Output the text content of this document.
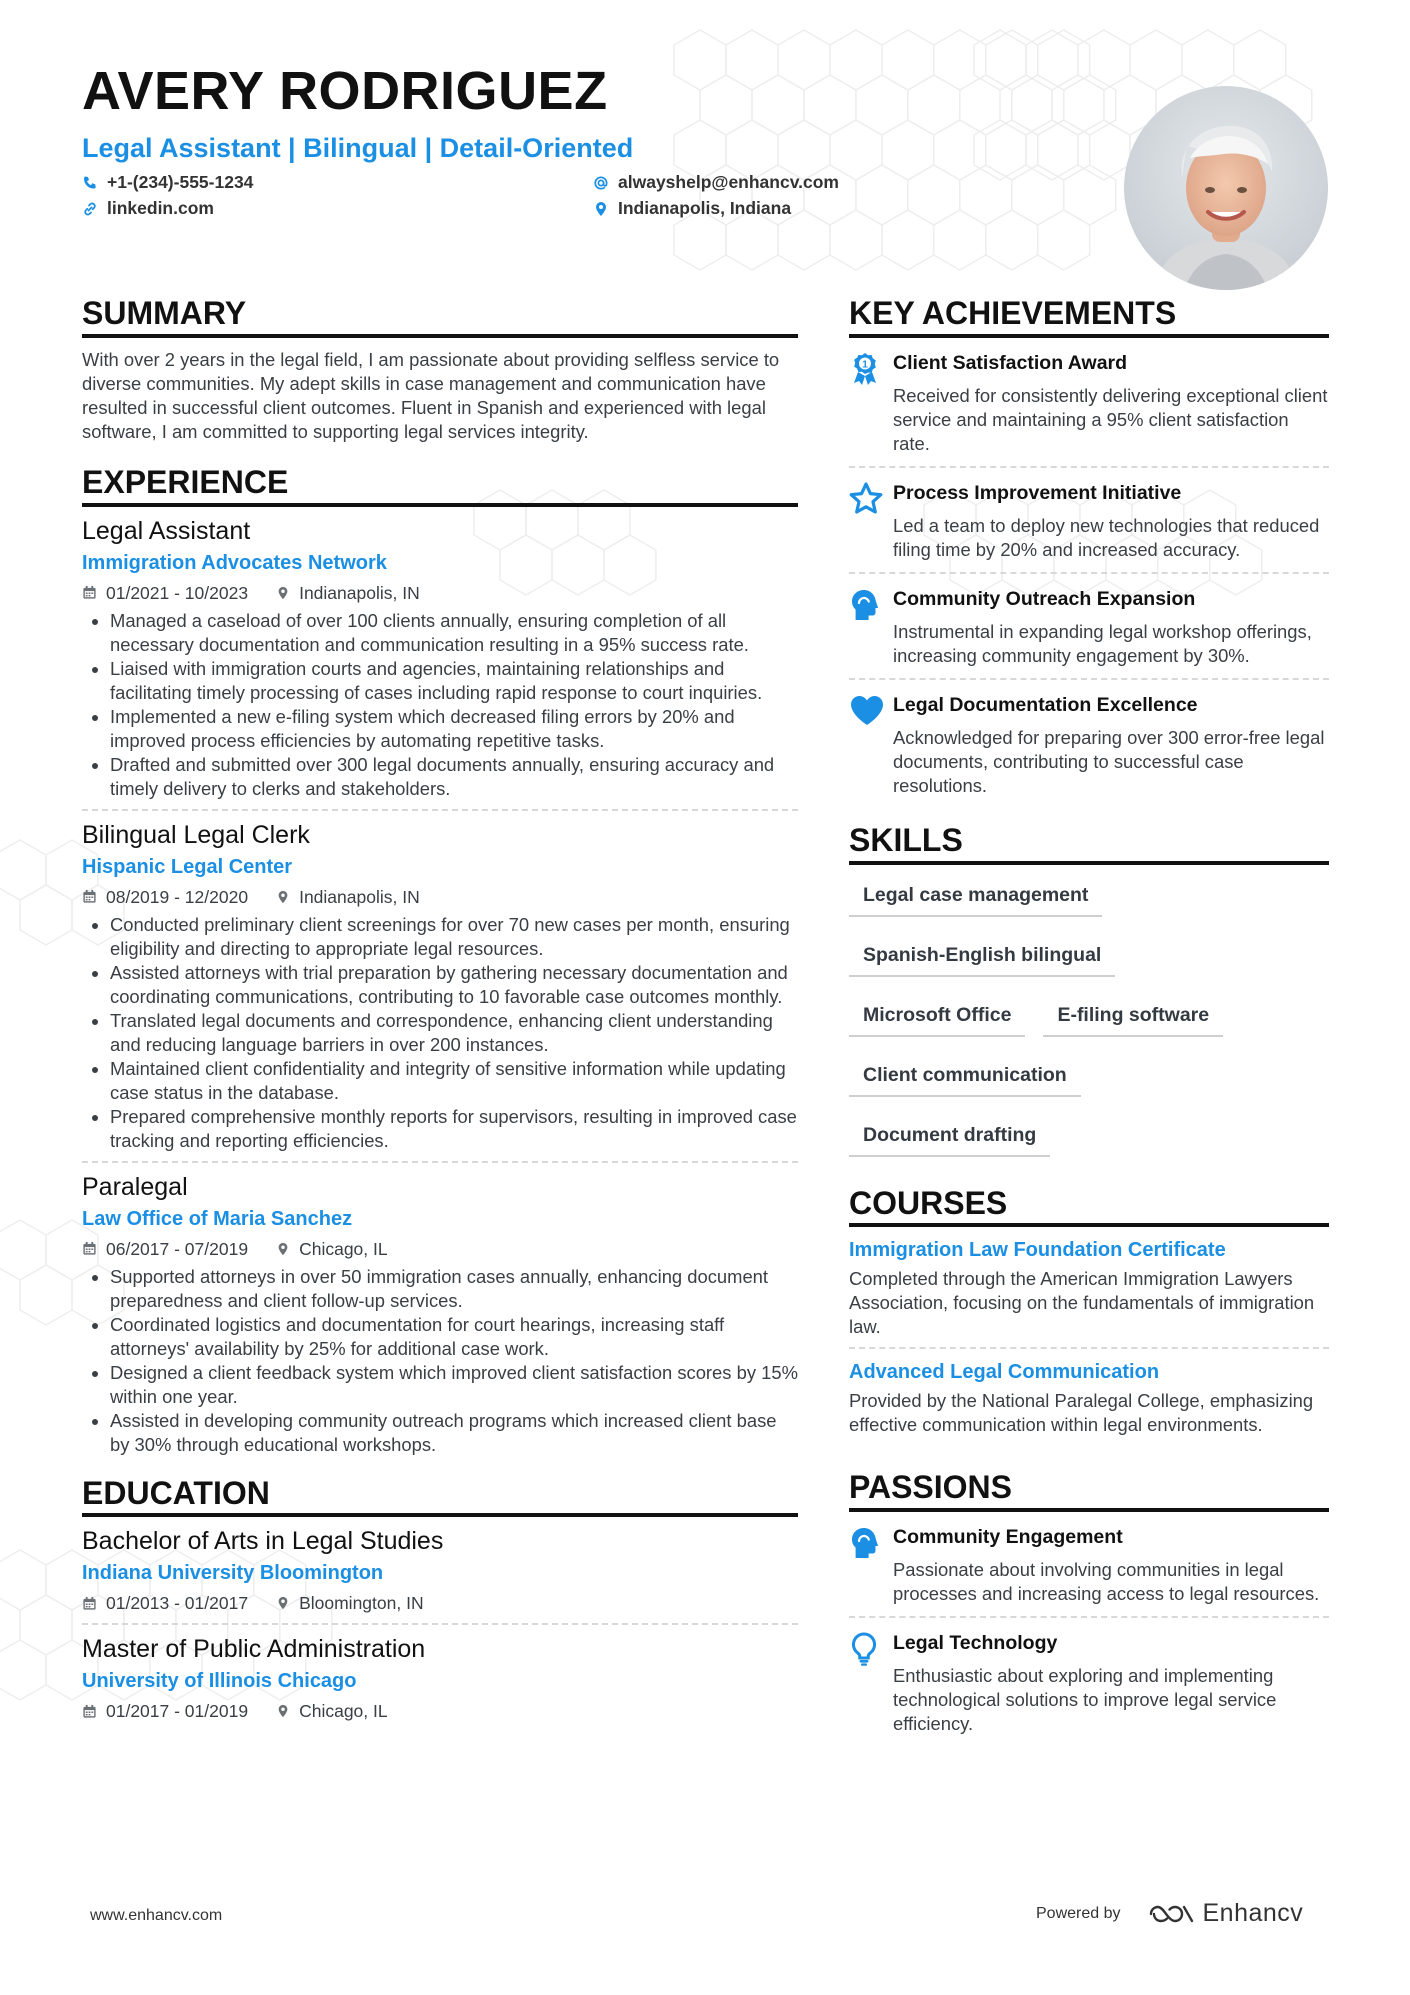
AVERY RODRIGUEZ
Legal Assistant | Bilingual | Detail-Oriented
+1-(234)-555-1234
linkedin.com
alwayshelp@enhancv.com
Indianapolis, Indiana
SUMMARY
With over 2 years in the legal field, I am passionate about providing selfless service to diverse communities. My adept skills in case management and communication have resulted in successful client outcomes. Fluent in Spanish and experienced with legal software, I am committed to supporting legal services integrity.
EXPERIENCE
Legal Assistant
Immigration Advocates Network
01/2021 - 10/2023	Indianapolis, IN
• Managed a caseload of over 100 clients annually, ensuring completion of all necessary documentation and communication resulting in a 95% success rate.
• Liaised with immigration courts and agencies, maintaining relationships and facilitating timely processing of cases including rapid response to court inquiries.
• Implemented a new e-filing system which decreased filing errors by 20% and improved process efficiencies by automating repetitive tasks.
• Drafted and submitted over 300 legal documents annually, ensuring accuracy and timely delivery to clerks and stakeholders.
Bilingual Legal Clerk
Hispanic Legal Center
08/2019 - 12/2020	Indianapolis, IN
• Conducted preliminary client screenings for over 70 new cases per month, ensuring eligibility and directing to appropriate legal resources.
• Assisted attorneys with trial preparation by gathering necessary documentation and coordinating communications, contributing to 10 favorable case outcomes monthly.
• Translated legal documents and correspondence, enhancing client understanding and reducing language barriers in over 200 instances.
• Maintained client confidentiality and integrity of sensitive information while updating case status in the database.
• Prepared comprehensive monthly reports for supervisors, resulting in improved case tracking and reporting efficiencies.
Paralegal
Law Office of Maria Sanchez
06/2017 - 07/2019	Chicago, IL
• Supported attorneys in over 50 immigration cases annually, enhancing document preparedness and client follow-up services.
• Coordinated logistics and documentation for court hearings, increasing staff attorneys' availability by 25% for additional case work.
• Designed a client feedback system which improved client satisfaction scores by 15% within one year.
• Assisted in developing community outreach programs which increased client base by 30% through educational workshops.
EDUCATION
Bachelor of Arts in Legal Studies
Indiana University Bloomington
01/2013 - 01/2017	Bloomington, IN
Master of Public Administration
University of Illinois Chicago
01/2017 - 01/2019	Chicago, IL
KEY ACHIEVEMENTS
1 Client Satisfaction Award
Received for consistently delivering exceptional client service and maintaining a 95% client satisfaction rate.
Process Improvement Initiative
Led a team to deploy new technologies that reduced filing time by 20% and increased accuracy.
Community Outreach Expansion
Instrumental in expanding legal workshop offerings, increasing community engagement by 30%.
Legal Documentation Excellence
Acknowledged for preparing over 300 error-free legal documents, contributing to successful case resolutions.
SKILLS
Legal case management
Spanish-English bilingual
Microsoft Office	E-filing software
Client communication
Document drafting
COURSES
Immigration Law Foundation Certificate
Completed through the American Immigration Lawyers Association, focusing on the fundamentals of immigration law.
Advanced Legal Communication
Provided by the National Paralegal College, emphasizing effective communication within legal environments.
PASSIONS
Community Engagement
Passionate about involving communities in legal processes and increasing access to legal resources.
Legal Technology
Enthusiastic about exploring and implementing technological solutions to improve legal service efficiency.
www.enhancv.com	Powered by	Enhancv
